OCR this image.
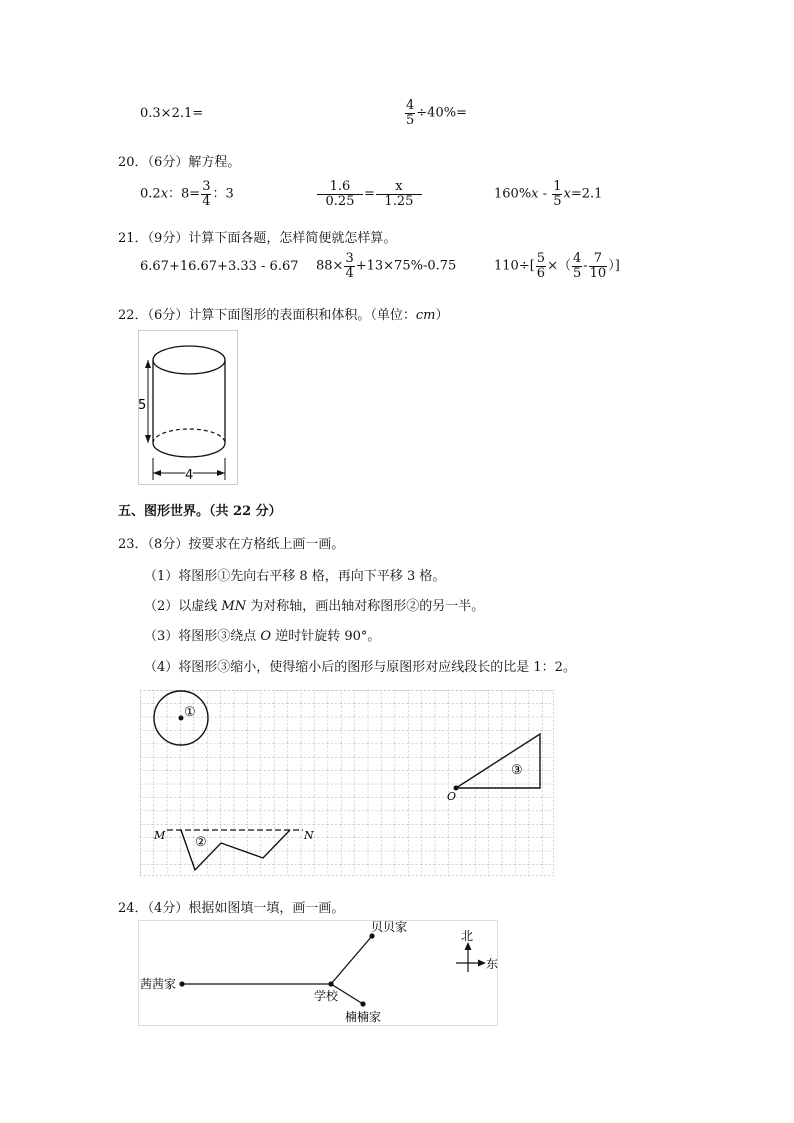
0.3×2.1=	$\frac{4}{5} \div 40\%=$
20．（6分）解方程。
0.2x：$8= \frac{3}{4}$ ：3	$\frac{1.6}{0.25} = \frac{x}{1.25}$	$160\%x - \frac{1}{5} x=2.1$
21．（9分）计算下面各题，怎样简便就怎样算。
6.67+16.67+3.33 - 6.67 $88\times \frac{3}{4} +13\times 75\%-0.75$	$110\div[ \frac{5}{6}$ ×（ $\frac{4}{5} - \frac{7}{10}$ ）]
22．（6分）计算下面图形的表面积和体积。（单位：cm）
5
4
五、图形世界。（共 22 分）
23．（8分）按要求在方格纸上画一画。
（1）将图形①先向右平移 8 格，再向下平移 3 格。
（2）以虚线 MN 为对称轴，画出轴对称图形②的另一半。
（3）将图形③绕点 O 逆时针旋转 90°。
（4）将图形③缩小，使得缩小后的图形与原图形对应线段长的比是 1：2。
①
O
③
M	N
②
24．（4分）根据如图填一填，画一画。
茜茜家
贝贝家
学校
楠楠家
北
东
